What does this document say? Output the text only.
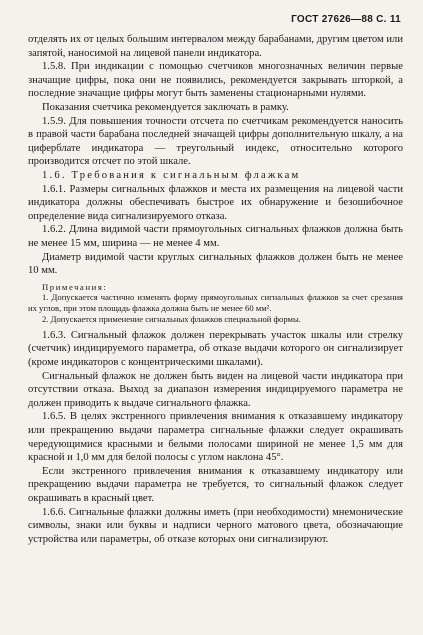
ГОСТ 27626—88 С. 11

отделять их от целых большим интервалом между барабанами, другим цветом или запятой, наносимой на лицевой панели индикатора.

1.5.8. При индикации с помощью счетчиков многозначных величин первые значащие цифры, пока они не появились, рекомендуется закрывать шторкой, а последние значащие цифры могут быть заменены стационарными нулями.

Показания счетчика рекомендуется заключать в рамку.

1.5.9. Для повышения точности отсчета по счетчикам рекомендуется наносить в правой части барабана последней значащей цифры дополнительную шкалу, а на циферблате индикатора — треугольный индекс, относительно которого производится отсчет по этой шкале.

1.6. Требования к сигнальным флажкам

1.6.1. Размеры сигнальных флажков и места их размещения на лицевой части индикатора должны обеспечивать быстрое их обнаружение и безошибочное определение вида сигнализируемого отказа.

1.6.2. Длина видимой части прямоугольных сигнальных флажков должна быть не менее 15 мм, ширина — не менее 4 мм.

Диаметр видимой части круглых сигнальных флажков должен быть не менее 10 мм.

Примечания:

1. Допускается частично изменять форму прямоугольных сигнальных флажков за счет срезания их углов, при этом площадь флажка должна быть не менее 60 мм².

2. Допускается применение сигнальных флажков специальной формы.

1.6.3. Сигнальный флажок должен перекрывать участок шкалы или стрелку (счетчик) индицируемого параметра, об отказе выдачи которого он сигнализирует (кроме индикаторов с концентрическими шкалами).

Сигнальный флажок не должен быть виден на лицевой части индикатора при отсутствии отказа. Выход за диапазон измерения индицируемого параметра не должен приводить к выдаче сигнального флажка.

1.6.5. В целях экстренного привлечения внимания к отказавшему индикатору или прекращению выдачи параметра сигнальные флажки следует окрашивать чередующимися красными и белыми полосами шириной не менее 1,5 мм для красной и 1,0 мм для белой полосы с углом наклона 45°.

Если экстренного привлечения внимания к отказавшему индикатору или прекращению выдачи параметра не требуется, то сигнальный флажок следует окрашивать в красный цвет.

1.6.6. Сигнальные флажки должны иметь (при необходимости) мнемонические символы, знаки или буквы и надписи черного матового цвета, обозначающие устройства или параметры, об отказе которых они сигнализируют.
